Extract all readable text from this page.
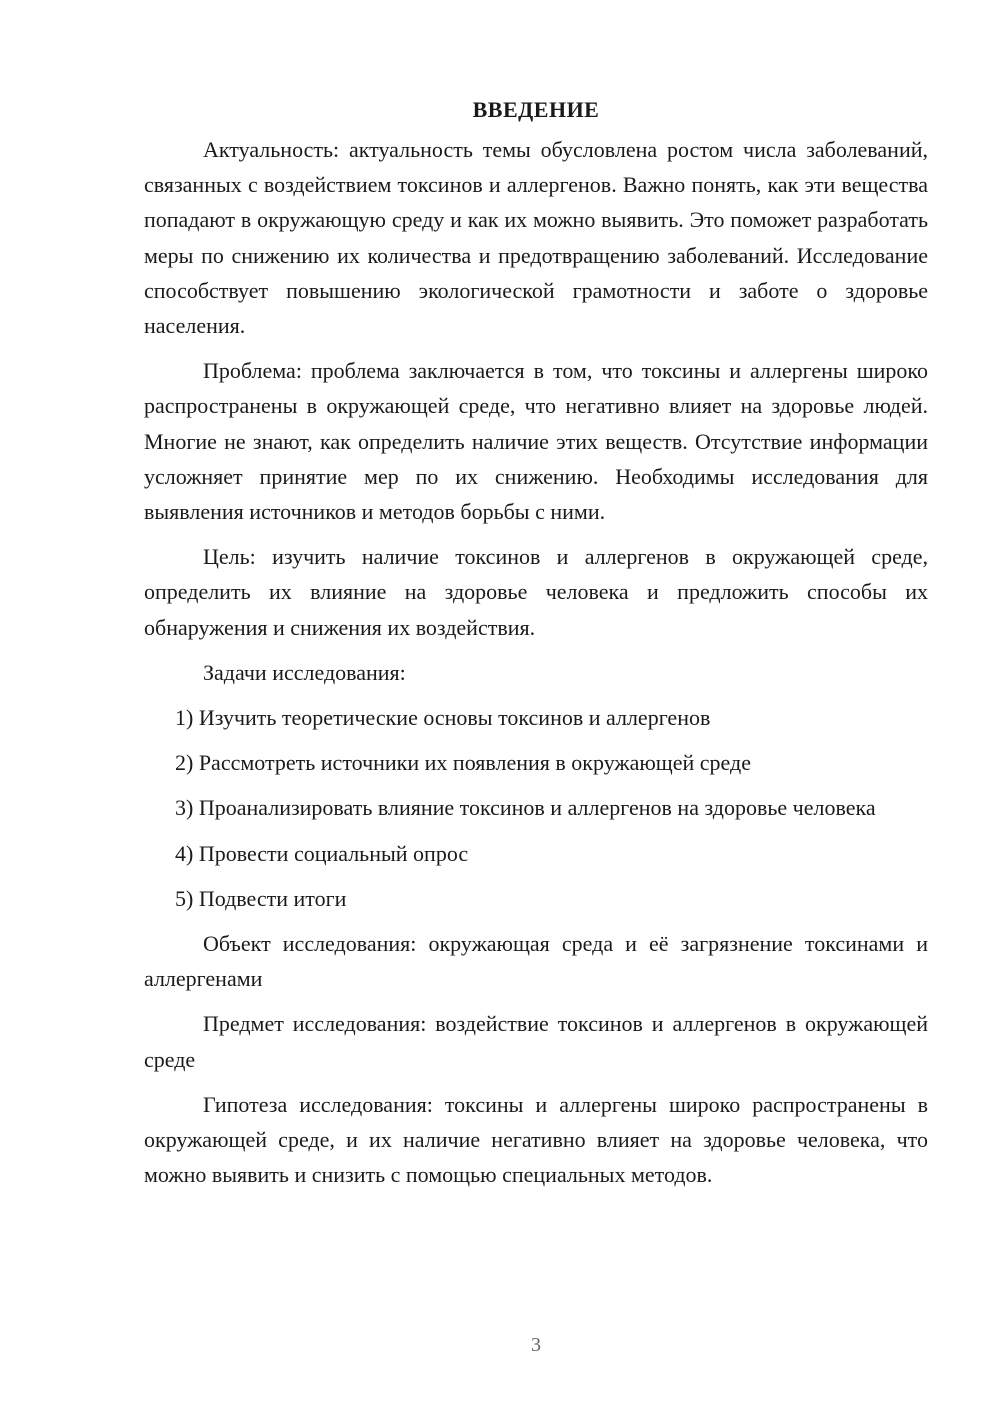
ВВЕДЕНИЕ

Актуальность: актуальность темы обусловлена ростом числа заболеваний, связанных с воздействием токсинов и аллергенов. Важно понять, как эти вещества попадают в окружающую среду и как их можно выявить. Это поможет разработать меры по снижению их количества и предотвращению заболеваний. Исследование способствует повышению экологической грамотности и заботе о здоровье населения.

Проблема: проблема заключается в том, что токсины и аллергены широко распространены в окружающей среде, что негативно влияет на здоровье людей. Многие не знают, как определить наличие этих веществ. Отсутствие информации усложняет принятие мер по их снижению. Необходимы исследования для выявления источников и методов борьбы с ними.

Цель: изучить наличие токсинов и аллергенов в окружающей среде, определить их влияние на здоровье человека и предложить способы их обнаружения и снижения их воздействия.

Задачи исследования:

1) Изучить теоретические основы токсинов и аллергенов

2) Рассмотреть источники их появления в окружающей среде

3) Проанализировать влияние токсинов и аллергенов на здоровье человека

4) Провести социальный опрос

5) Подвести итоги

Объект исследования: окружающая среда и её загрязнение токсинами и аллергенами

Предмет исследования: воздействие токсинов и аллергенов в окружающей среде

Гипотеза исследования: токсины и аллергены широко распространены в окружающей среде, и их наличие негативно влияет на здоровье человека, что можно выявить и снизить с помощью специальных методов.

3
